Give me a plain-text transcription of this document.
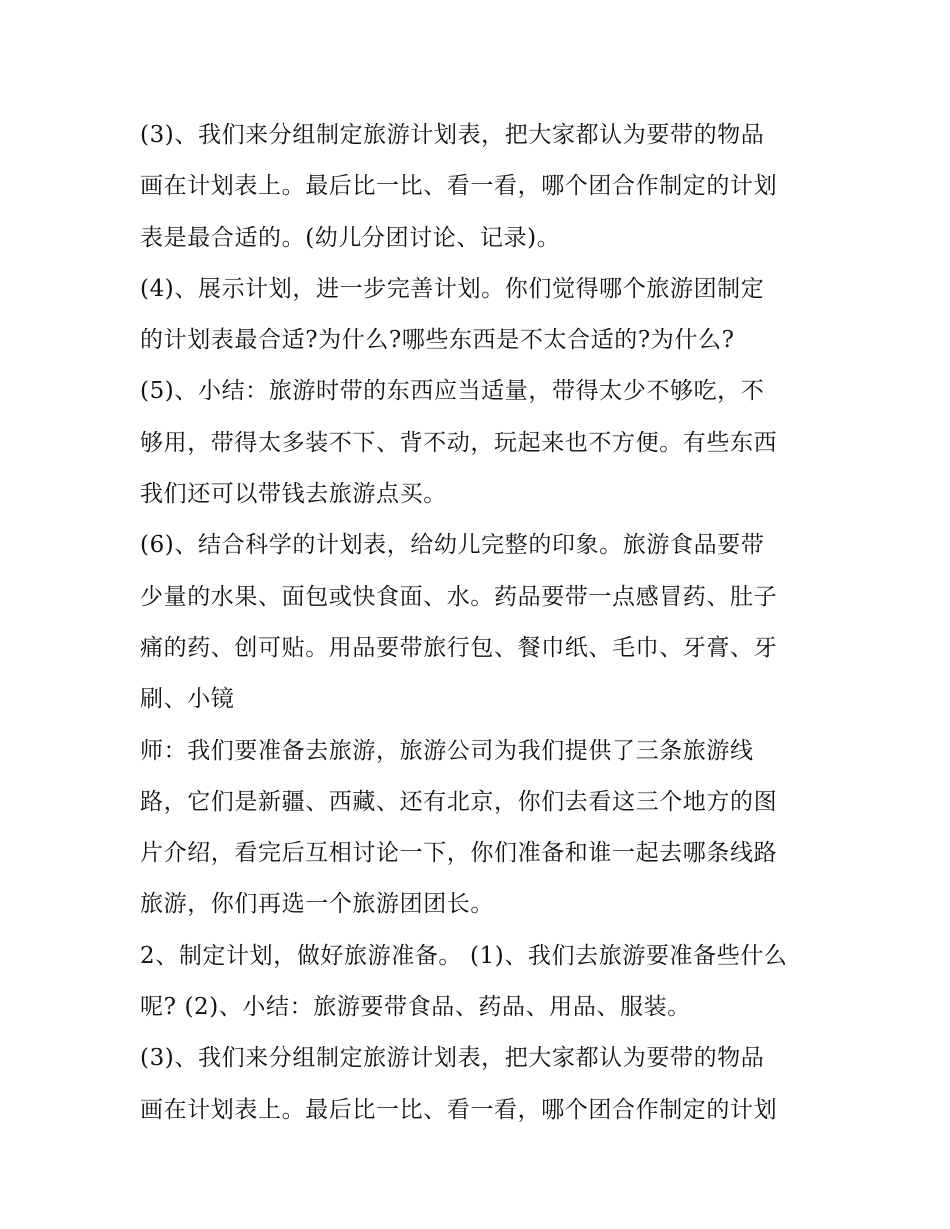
(3)、我们来分组制定旅游计划表，把大家都认为要带的物品
画在计划表上。最后比一比、看一看，哪个团合作制定的计划
表是最合适的。(幼儿分团讨论、记录)。
(4)、展示计划，进一步完善计划。你们觉得哪个旅游团制定
的计划表最合适?为什么?哪些东西是不太合适的?为什么?
(5)、小结：旅游时带的东西应当适量，带得太少不够吃，不
够用，带得太多装不下、背不动，玩起来也不方便。有些东西
我们还可以带钱去旅游点买。
(6)、结合科学的计划表，给幼儿完整的印象。旅游食品要带
少量的水果、面包或快食面、水。药品要带一点感冒药、肚子
痛的药、创可贴。用品要带旅行包、餐巾纸、毛巾、牙膏、牙
刷、小镜
师：我们要准备去旅游，旅游公司为我们提供了三条旅游线
路，它们是新疆、西藏、还有北京，你们去看这三个地方的图
片介绍，看完后互相讨论一下，你们准备和谁一起去哪条线路
旅游，你们再选一个旅游团团长。
2、制定计划，做好旅游准备。 (1)、我们去旅游要准备些什么
呢? (2)、小结：旅游要带食品、药品、用品、服装。
(3)、我们来分组制定旅游计划表，把大家都认为要带的物品
画在计划表上。最后比一比、看一看，哪个团合作制定的计划
